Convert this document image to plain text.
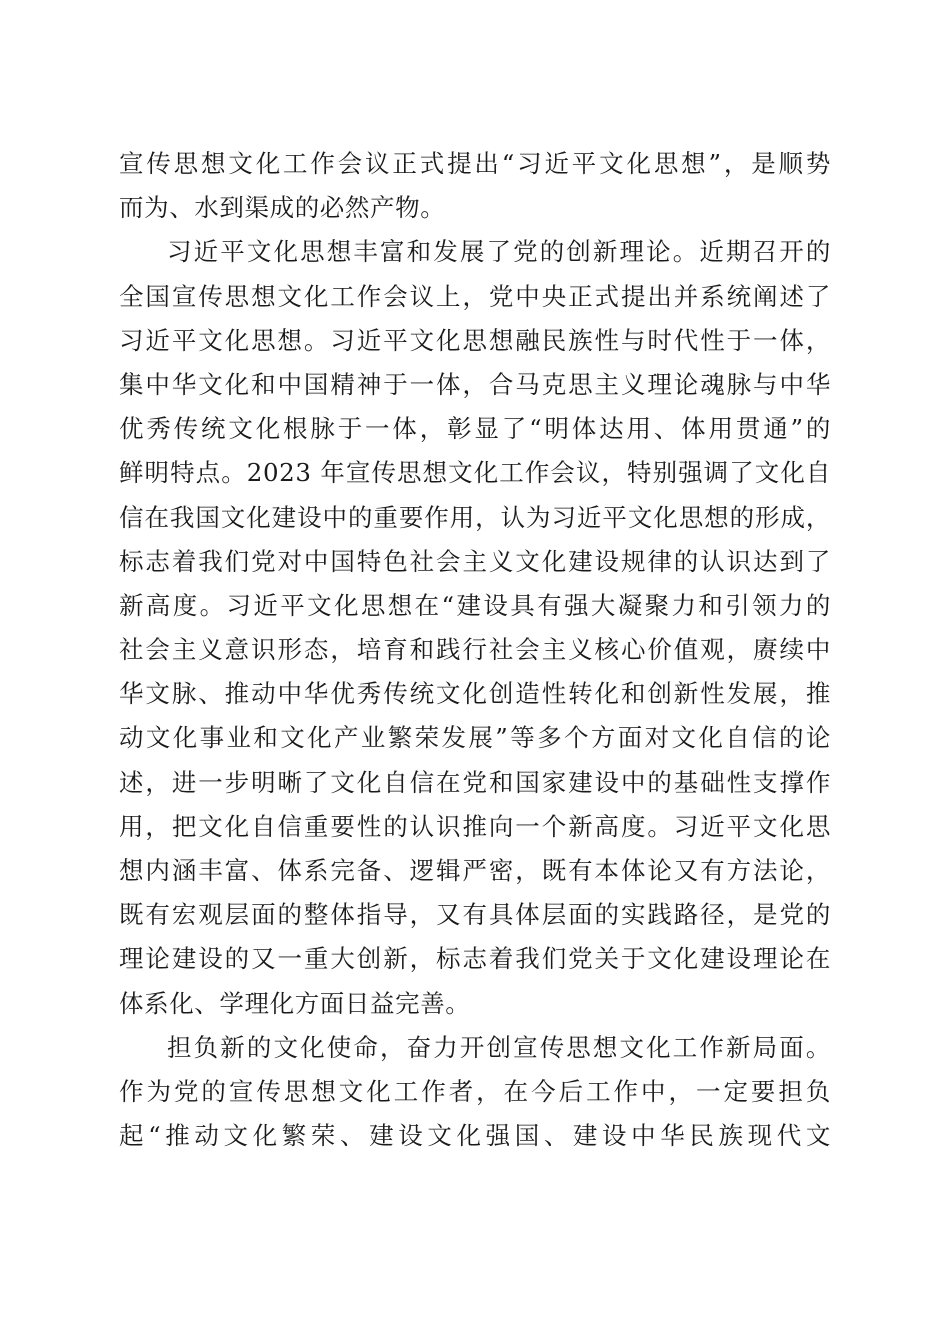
宣传思想文化工作会议正式提出“习近平文化思想”，是顺势
而为、水到渠成的必然产物。
习近平文化思想丰富和发展了党的创新理论。近期召开的
全国宣传思想文化工作会议上，党中央正式提出并系统阐述了
习近平文化思想。习近平文化思想融民族性与时代性于一体，
集中华文化和中国精神于一体，合马克思主义理论魂脉与中华
优秀传统文化根脉于一体，彰显了“明体达用、体用贯通”的
鲜明特点。2023 年宣传思想文化工作会议，特别强调了文化自
信在我国文化建设中的重要作用，认为习近平文化思想的形成，
标志着我们党对中国特色社会主义文化建设规律的认识达到了
新高度。习近平文化思想在“建设具有强大凝聚力和引领力的
社会主义意识形态，培育和践行社会主义核心价值观，赓续中
华文脉、推动中华优秀传统文化创造性转化和创新性发展，推
动文化事业和文化产业繁荣发展”等多个方面对文化自信的论
述，进一步明晰了文化自信在党和国家建设中的基础性支撑作
用，把文化自信重要性的认识推向一个新高度。习近平文化思
想内涵丰富、体系完备、逻辑严密，既有本体论又有方法论，
既有宏观层面的整体指导，又有具体层面的实践路径，是党的
理论建设的又一重大创新，标志着我们党关于文化建设理论在
体系化、学理化方面日益完善。
担负新的文化使命，奋力开创宣传思想文化工作新局面。
作为党的宣传思想文化工作者，在今后工作中，一定要担负
起“推动文化繁荣、建设文化强国、建设中华民族现代文
